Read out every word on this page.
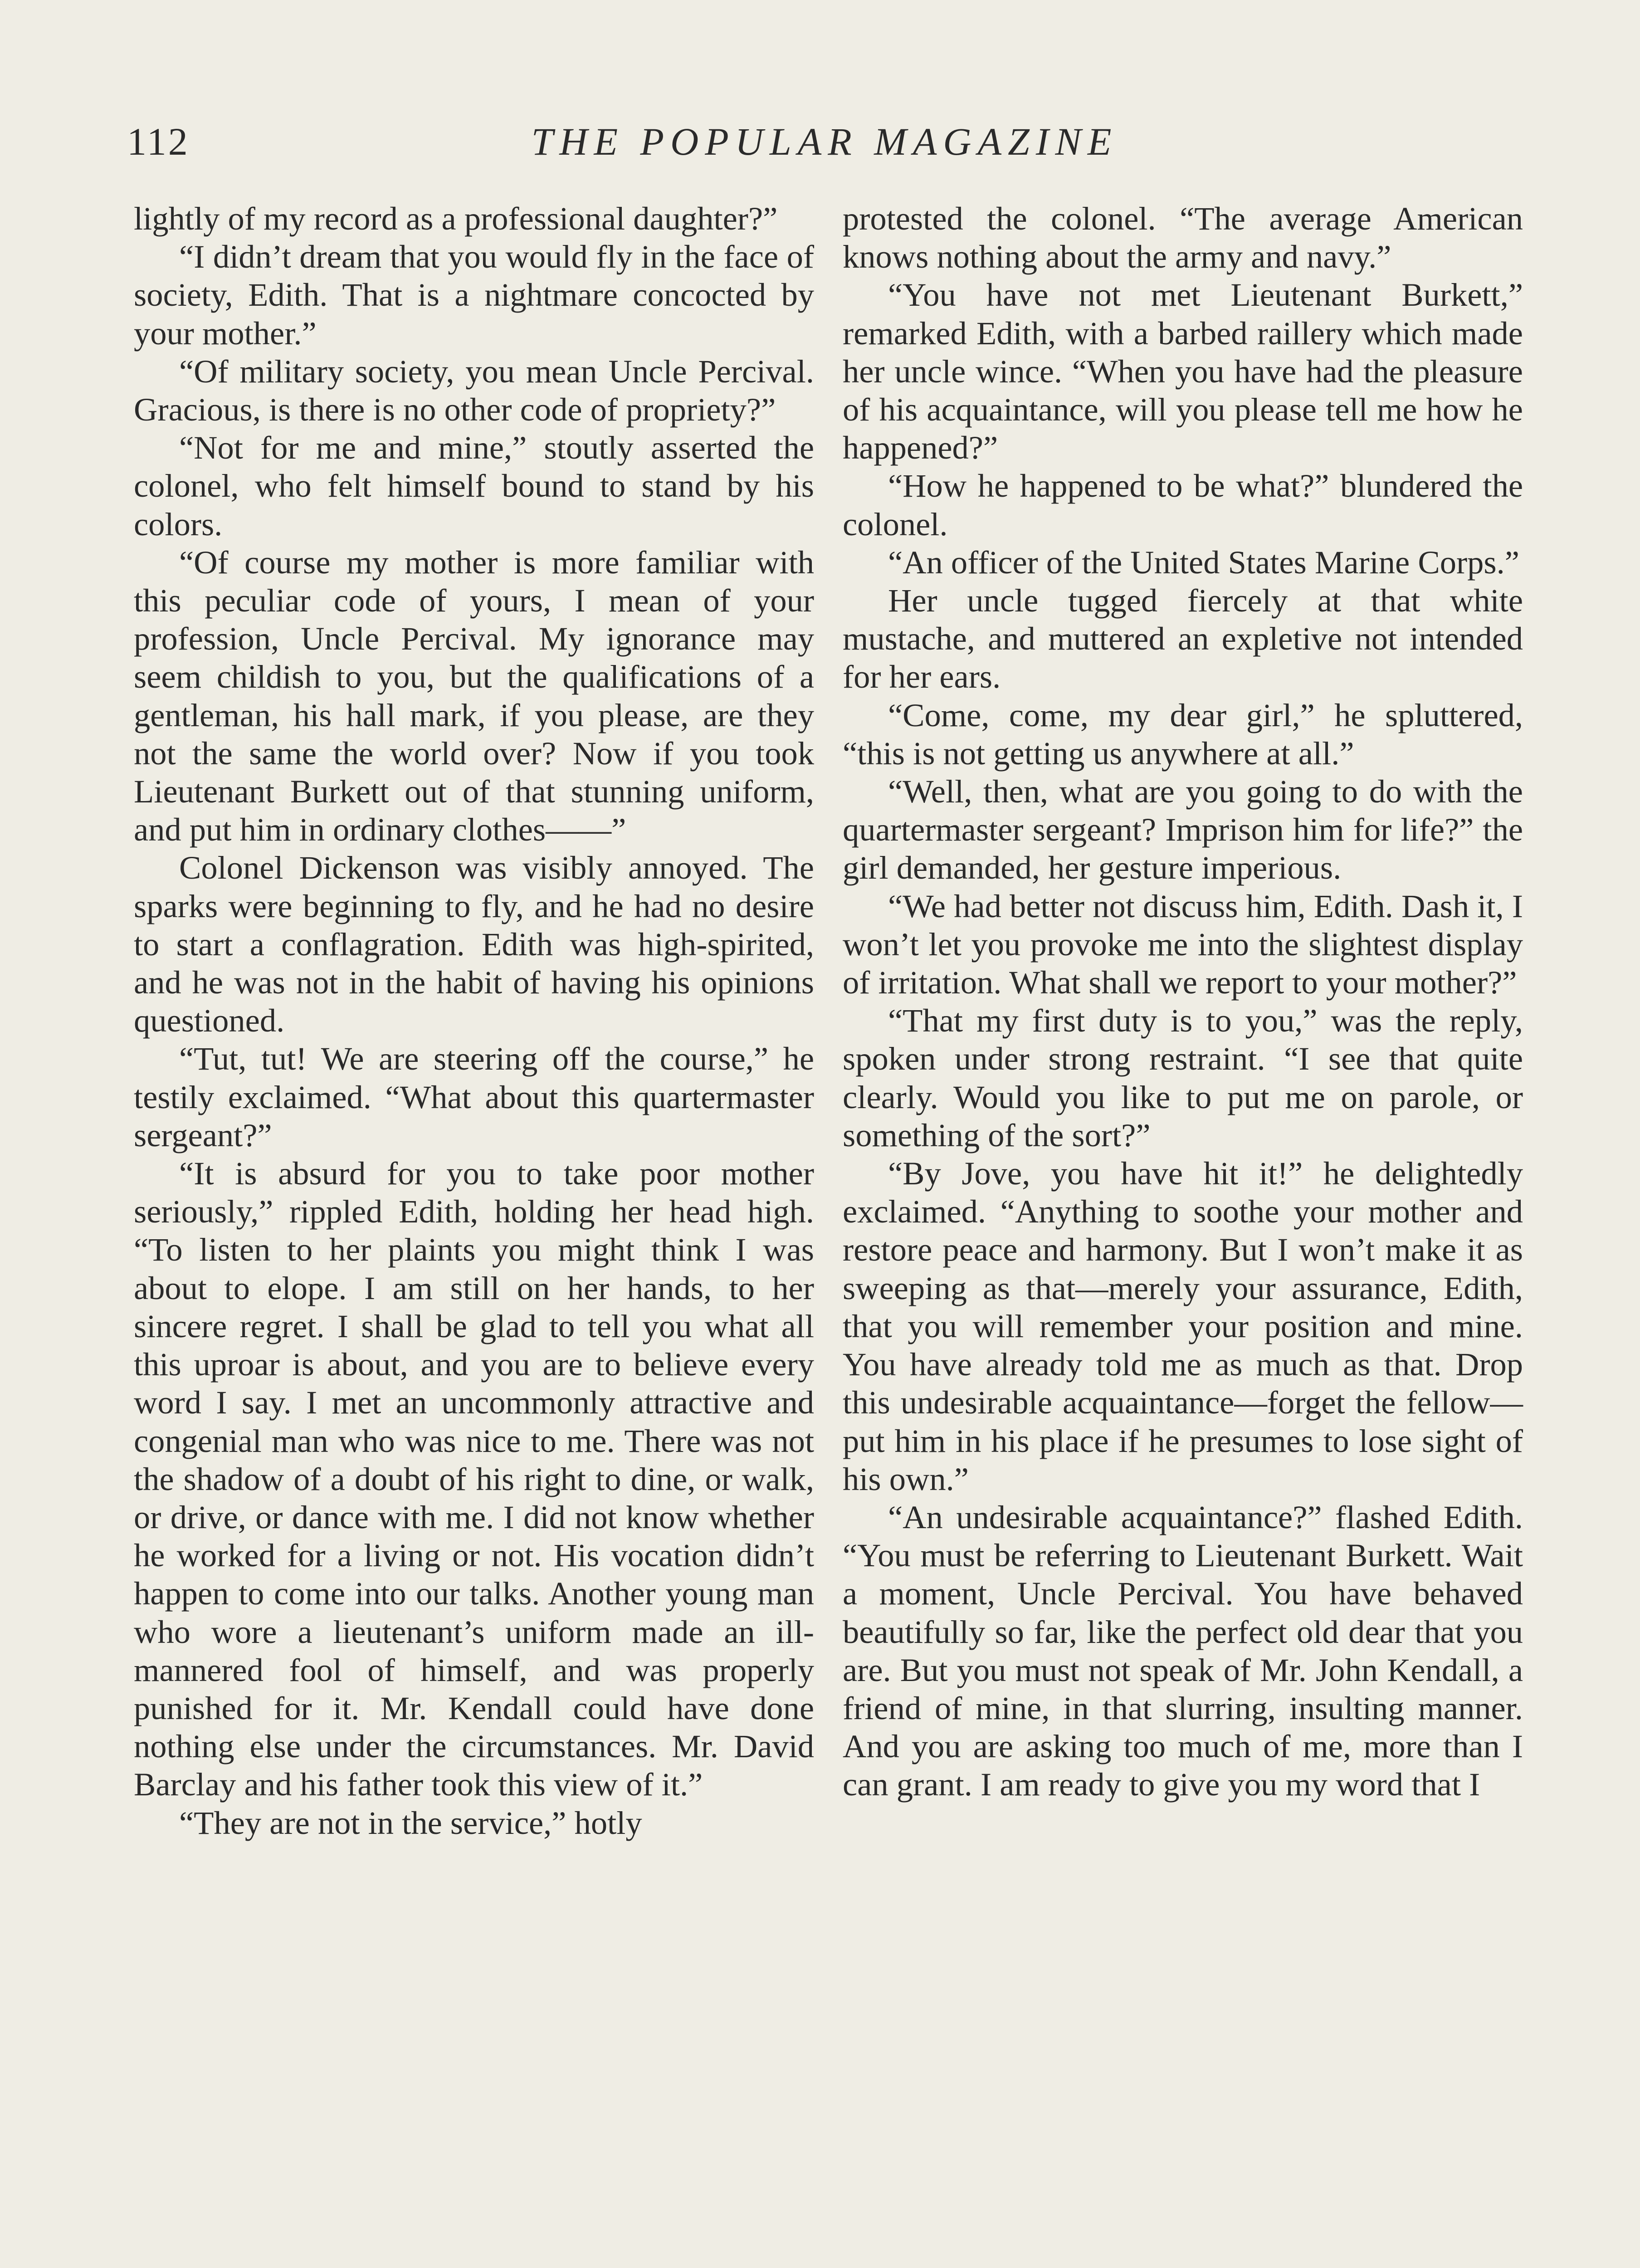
112	THE POPULAR MAGAZINE

lightly of my record as a professional daughter?”

“I didn’t dream that you would fly in the face of society, Edith. That is a nightmare concocted by your mother.”

“Of military society, you mean Uncle Percival. Gracious, is there is no other code of propriety?”

“Not for me and mine,” stoutly asserted the colonel, who felt himself bound to stand by his colors.

“Of course my mother is more familiar with this peculiar code of yours, I mean of your profession, Uncle Percival. My ignorance may seem childish to you, but the qualifications of a gentleman, his hall mark, if you please, are they not the same the world over? Now if you took Lieutenant Burkett out of that stunning uniform, and put him in ordinary clothes——”

Colonel Dickenson was visibly annoyed. The sparks were beginning to fly, and he had no desire to start a conflagration. Edith was high-spirited, and he was not in the habit of having his opinions questioned.

“Tut, tut! We are steering off the course,” he testily exclaimed. “What about this quartermaster sergeant?”

“It is absurd for you to take poor mother seriously,” rippled Edith, holding her head high. “To listen to her plaints you might think I was about to elope. I am still on her hands, to her sincere regret. I shall be glad to tell you what all this uproar is about, and you are to believe every word I say. I met an uncommonly attractive and congenial man who was nice to me. There was not the shadow of a doubt of his right to dine, or walk, or drive, or dance with me. I did not know whether he worked for a living or not. His vocation didn’t happen to come into our talks. Another young man who wore a lieutenant’s uniform made an ill-mannered fool of himself, and was properly punished for it. Mr. Kendall could have done nothing else under the circumstances. Mr. David Barclay and his father took this view of it.”

“They are not in the service,” hotly

protested the colonel. “The average American knows nothing about the army and navy.”

“You have not met Lieutenant Burkett,” remarked Edith, with a barbed raillery which made her uncle wince. “When you have had the pleasure of his acquaintance, will you please tell me how he happened?”

“How he happened to be what?” blundered the colonel.

“An officer of the United States Marine Corps.”

Her uncle tugged fiercely at that white mustache, and muttered an expletive not intended for her ears.

“Come, come, my dear girl,” he spluttered, “this is not getting us anywhere at all.”

“Well, then, what are you going to do with the quartermaster sergeant? Imprison him for life?” the girl demanded, her gesture imperious.

“We had better not discuss him, Edith. Dash it, I won’t let you provoke me into the slightest display of irritation. What shall we report to your mother?”

“That my first duty is to you,” was the reply, spoken under strong restraint. “I see that quite clearly. Would you like to put me on parole, or something of the sort?”

“By Jove, you have hit it!” he delightedly exclaimed. “Anything to soothe your mother and restore peace and harmony. But I won’t make it as sweeping as that—merely your assurance, Edith, that you will remember your position and mine. You have already told me as much as that. Drop this undesirable acquaintance—forget the fellow—put him in his place if he presumes to lose sight of his own.”

“An undesirable acquaintance?” flashed Edith. “You must be referring to Lieutenant Burkett. Wait a moment, Uncle Percival. You have behaved beautifully so far, like the perfect old dear that you are. But you must not speak of Mr. John Kendall, a friend of mine, in that slurring, insulting manner. And you are asking too much of me, more than I can grant. I am ready to give you my word that I
